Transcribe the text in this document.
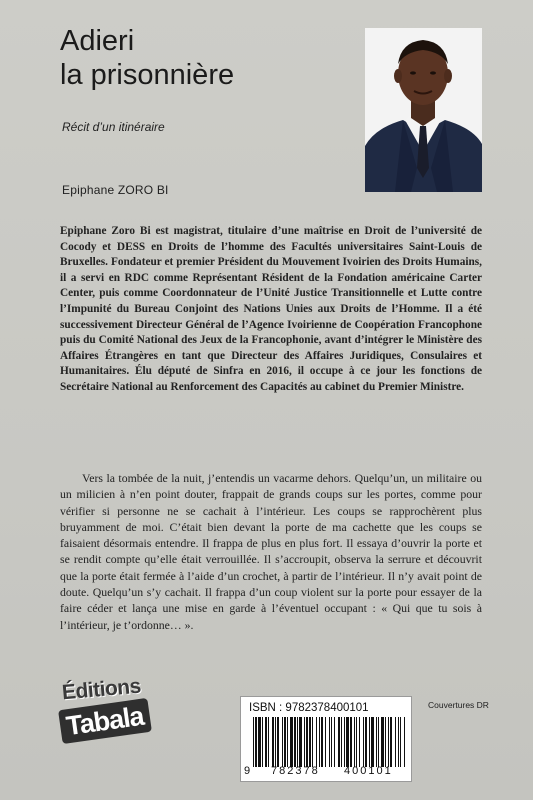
Adieri
la prisonnière
Récit d’un itinéraire
Epiphane ZORO BI

Epiphane Zoro Bi est magistrat, titulaire d’une maîtrise en Droit de l’université de Cocody et DESS en Droits de l’homme des Facultés universitaires Saint-Louis de Bruxelles. Fondateur et premier Président du Mouvement Ivoirien des Droits Humains, il a servi en RDC comme Représentant Résident de la Fondation américaine Carter Center, puis comme Coordonnateur de l’Unité Justice Transitionnelle et Lutte contre l’Impunité du Bureau Conjoint des Nations Unies aux Droits de l’Homme. Il a été successivement Directeur Général de l’Agence Ivoirienne de Coopération Francophone puis du Comité National des Jeux de la Francophonie, avant d’intégrer le Ministère des Affaires Étrangères en tant que Directeur des Affaires Juridiques, Consulaires et Humanitaires. Élu député de Sinfra en 2016, il occupe à ce jour les fonctions de Secrétaire National au Renforcement des Capacités au cabinet du Premier Ministre.

Vers la tombée de la nuit, j’entendis un vacarme dehors. Quelqu’un, un militaire ou un milicien à n’en point douter, frappait de grands coups sur les portes, comme pour vérifier si personne ne se cachait à l’intérieur. Les coups se rapprochèrent plus bruyamment de moi. C’était bien devant la porte de ma cachette que les coups se faisaient désormais entendre. Il frappa de plus en plus fort. Il essaya d’ouvrir la porte et se rendit compte qu’elle était verrouillée. Il s’accroupit, observa la serrure et découvrit que la porte était fermée à l’aide d’un crochet, à partir de l’intérieur. Il n’y avait point de doute. Quelqu’un s’y cachait. Il frappa d’un coup violent sur la porte pour essayer de la faire céder et lança une mise en garde à l’éventuel occupant : « Qui que tu sois à l’intérieur, je t’ordonne… ».

Éditions
Tabala	ISBN : 9782378400101
9 782378 400101
Couvertures DR
